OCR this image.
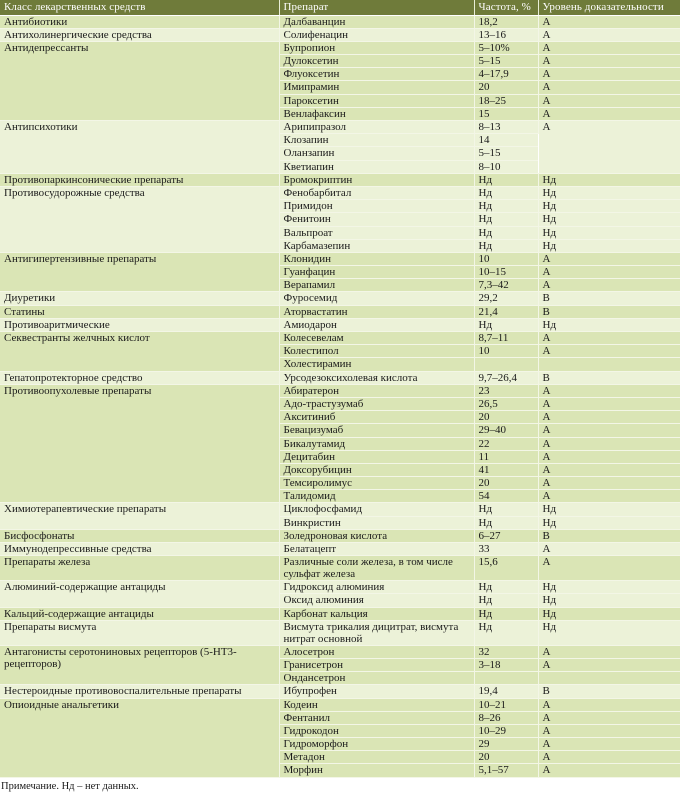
Класс лекарственных средств	Препарат	Частота, %	Уровень доказательности
Антибиотики	Далбаванцин	18,2	A
Антихолинергические средства	Солифенацин	13–16	A
Антидепрессанты	Бупропион	5–10%	A
	Дулоксетин	5–15	A
	Флуоксетин	4–17,9	A
	Имипрамин	20	A
	Пароксетин	18–25	A
	Венлафаксин	15	A
Антипсихотики	Арипипразол	8–13	A
	Клозапин	14	
	Оланзапин	5–15	
	Кветиапин	8–10	
Противопаркинсонические препараты	Бромокриптин	Нд	Нд
Противосудорожные средства	Фенобарбитал	Нд	Нд
	Примидон	Нд	Нд
	Фенитоин	Нд	Нд
	Вальпроат	Нд	Нд
	Карбамазепин	Нд	Нд
Антигипертензивные препараты	Клонидин	10	A
	Гуанфацин	10–15	A
	Верапамил	7,3–42	A
Диуретики	Фуросемид	29,2	B
Статины	Аторвастатин	21,4	B
Противоаритмические	Амиодарон	Нд	Нд
Секвестранты желчных кислот	Колесевелам	8,7–11	A
	Колестипол	10	A
	Холестирамин		
Гепатопротекторное средство	Урсодезоксихолевая кислота	9,7–26,4	B
Противоопухолевые препараты	Абиратерон	23	A
	Адо-трастузумаб	26,5	A
	Акситиниб	20	A
	Бевацизумаб	29–40	A
	Бикалутамид	22	A
	Децитабин	11	A
	Доксорубицин	41	A
	Темсиролимус	20	A
	Талидомид	54	A
Химиотерапевтические препараты	Циклофосфамид	Нд	Нд
	Винкристин	Нд	Нд
Бисфосфонаты	Золедроновая кислота	6–27	B
Иммунодепрессивные средства	Белатацепт	33	A
Препараты железа	Различные соли железа, в том числе сульфат железа	15,6	A
Алюминий-содержащие антациды	Гидроксид алюминия	Нд	Нд
	Оксид алюминия	Нд	Нд
Кальций-содержащие антациды	Карбонат кальция	Нд	Нд
Препараты висмута	Висмута трикалия дицитрат, висмута нитрат основной	Нд	Нд
Антагонисты серотониновых рецепторов (5-НТ3-рецепторов)	Алосетрон	32	A
	Гранисетрон	3–18	A
	Ондансетрон		
Нестероидные противовоспалительные препараты	Ибупрофен	19,4	B
Опиоидные анальгетики	Кодеин	10–21	A
	Фентанил	8–26	A
	Гидрокодон	10–29	A
	Гидроморфон	29	A
	Метадон	20	A
	Морфин	5,1–57	A
Примечание. Нд – нет данных.
